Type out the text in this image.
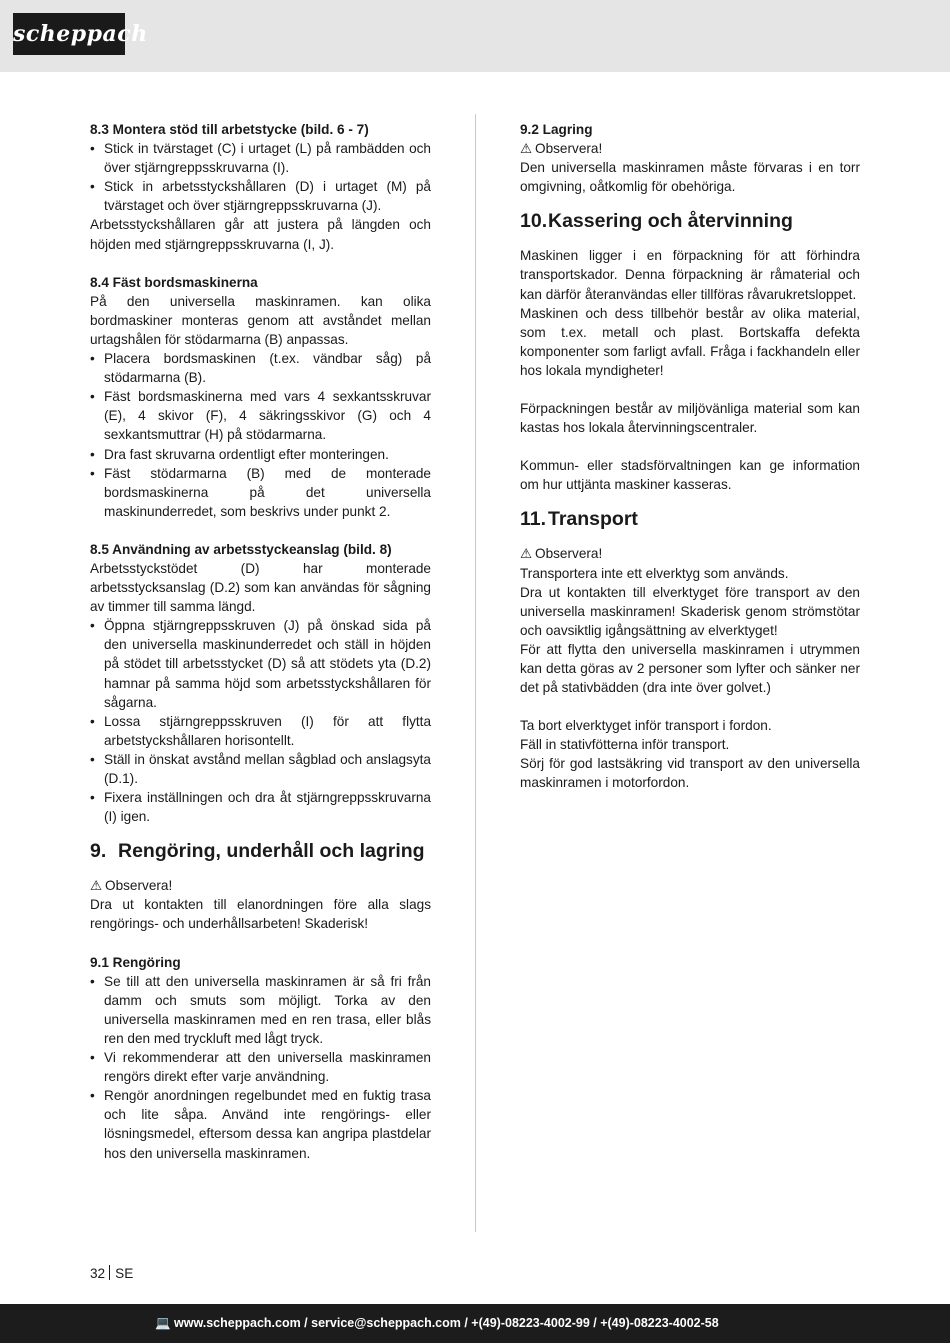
scheppach

8.3 Montera stöd till arbetstycke (bild. 6 - 7)

• Stick in tvärstaget (C) i urtaget (L) på rambädden och över stjärngreppsskruvarna (I).
• Stick in arbetsstyckshållaren (D) i urtaget (M) på tvärstaget och över stjärngreppsskruvarna (J).

Arbetsstyckshållaren går att justera på längden och höjden med stjärngreppsskruvarna (I, J).

8.4 Fäst bordsmaskinerna

På den universella maskinramen. kan olika bordmaskiner monteras genom att avståndet mellan urtagshålen för stödarmarna (B) anpassas.

• Placera bordsmaskinen (t.ex. vändbar såg) på stödarmarna (B).
• Fäst bordsmaskinerna med vars 4 sexkantsskruvar (E), 4 skivor (F), 4 säkringsskivor (G) och 4 sexkantsmuttrar (H) på stödarmarna.
• Dra fast skruvarna ordentligt efter monteringen.
• Fäst stödarmarna (B) med de monterade bordsmaskinerna på det universella maskinunderredet, som beskrivs under punkt 2.

8.5 Användning av arbetsstyckeanslag (bild. 8)

Arbetsstyckstödet (D) har monterade arbetsstycksanslag (D.2) som kan användas för sågning av timmer till samma längd.

• Öppna stjärngreppsskruven (J) på önskad sida på den universella maskinunderredet och ställ in höjden på stödet till arbetsstycket (D) så att stödets yta (D.2) hamnar på samma höjd som arbetsstyckshållaren för sågarna.
• Lossa stjärngreppsskruven (I) för att flytta arbetstyckshållaren horisontellt.
• Ställ in önskat avstånd mellan sågblad och anslagsyta (D.1).
• Fixera inställningen och dra åt stjärngreppsskruvarna (I) igen.
9. Rengöring, underhåll och lagring

⚠ Observera!

Dra ut kontakten till elanordningen före alla slags rengörings- och underhållsarbeten! Skaderisk!

9.1 Rengöring

• Se till att den universella maskinramen är så fri från damm och smuts som möjligt. Torka av den universella maskinramen med en ren trasa, eller blås ren den med tryckluft med lågt tryck.
• Vi rekommenderar att den universella maskinramen rengörs direkt efter varje användning.
• Rengör anordningen regelbundet med en fuktig trasa och lite såpa. Använd inte rengörings- eller lösningsmedel, eftersom dessa kan angripa plastdelar hos den universella maskinramen.

9.2 Lagring

⚠ Observera!

Den universella maskinramen måste förvaras i en torr omgivning, oåtkomlig för obehöriga.

10.Kassering och återvinning

Maskinen ligger i en förpackning för att förhindra transportskador. Denna förpackning är råmaterial och kan därför återanvändas eller tillföras råvarukretsloppet.

Maskinen och dess tillbehör består av olika material, som t.ex. metall och plast. Bortskaffa defekta komponenter som farligt avfall. Fråga i fackhandeln eller hos lokala myndigheter!

Förpackningen består av miljövänliga material som kan kastas hos lokala återvinningscentraler.

Kommun- eller stadsförvaltningen kan ge information om hur uttjänta maskiner kasseras.

11. Transport

⚠ Observera!

Transportera inte ett elverktyg som används.

Dra ut kontakten till elverktyget före transport av den universella maskinramen! Skaderisk genom strömstötar och oavsiktlig igångsättning av elverktyget!

För att flytta den universella maskinramen i utrymmen kan detta göras av 2 personer som lyfter och sänker ner det på stativbädden (dra inte över golvet.)

Ta bort elverktyget inför transport i fordon.

Fäll in stativfötterna inför transport.

Sörj för god lastsäkring vid transport av den universella maskinramen i motorfordon.

32 SE
💻 www.scheppach.com / service@scheppach.com / +(49)-08223-4002-99 / +(49)-08223-4002-58
